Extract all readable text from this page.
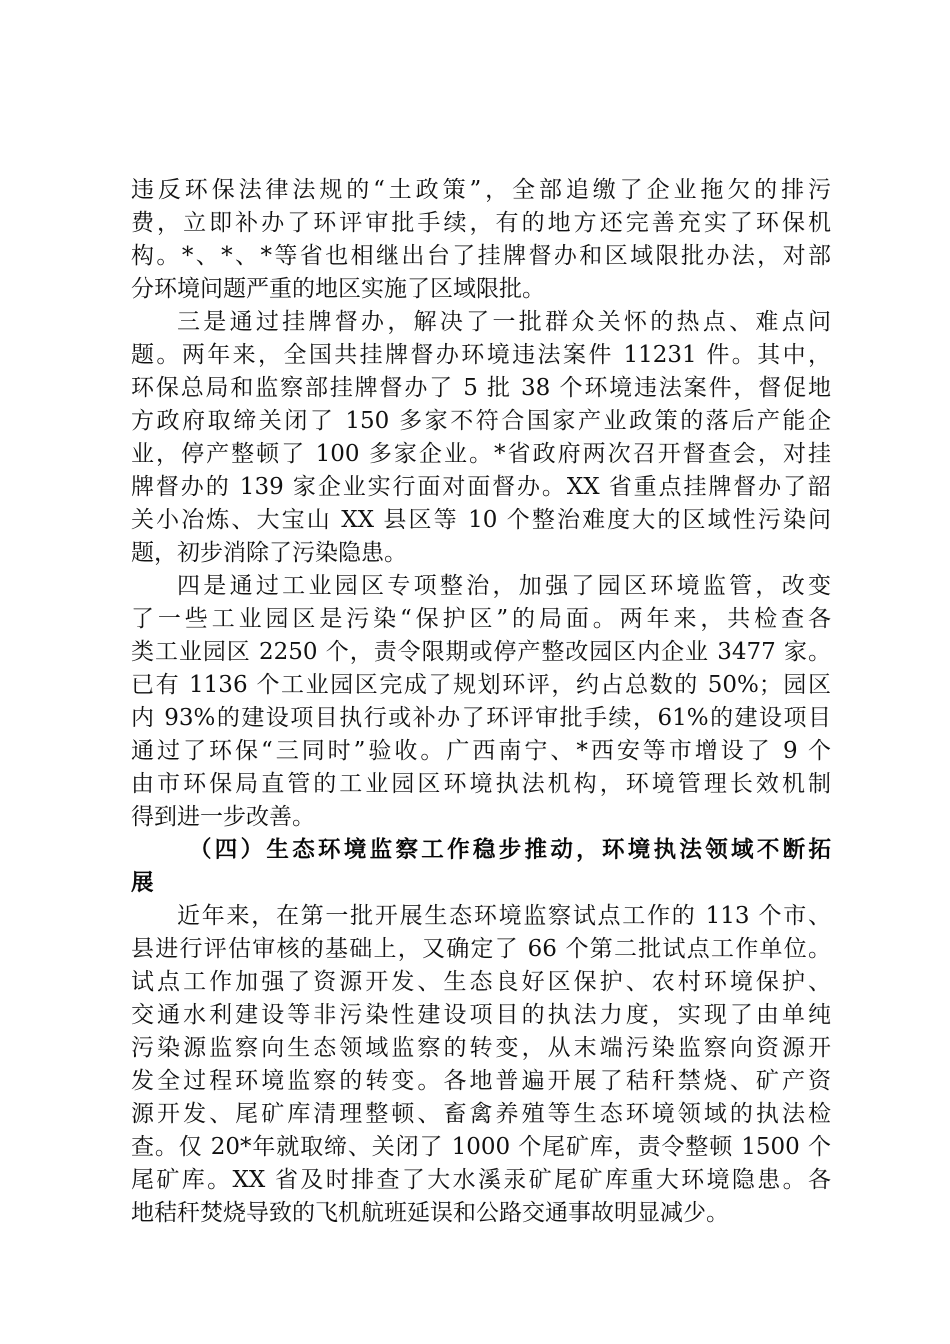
违反环保法律法规的“土政策”，全部追缴了企业拖欠的排污
费，立即补办了环评审批手续，有的地方还完善充实了环保机
构。*、*、*等省也相继出台了挂牌督办和区域限批办法，对部
分环境问题严重的地区实施了区域限批。
三是通过挂牌督办，解决了一批群众关怀的热点、难点问
题。两年来，全国共挂牌督办环境违法案件 11231 件。其中，
环保总局和监察部挂牌督办了 5 批 38 个环境违法案件，督促地
方政府取缔关闭了 150 多家不符合国家产业政策的落后产能企
业，停产整顿了 100 多家企业。*省政府两次召开督查会，对挂
牌督办的 139 家企业实行面对面督办。XX 省重点挂牌督办了韶
关小冶炼、大宝山 XX 县区等 10 个整治难度大的区域性污染问
题，初步消除了污染隐患。
四是通过工业园区专项整治，加强了园区环境监管，改变
了一些工业园区是污染“保护区”的局面。两年来，共检查各
类工业园区 2250 个，责令限期或停产整改园区内企业 3477 家。
已有 1136 个工业园区完成了规划环评，约占总数的 50%；园区
内 93%的建设项目执行或补办了环评审批手续，61%的建设项目
通过了环保“三同时”验收。广西南宁、*西安等市增设了 9 个
由市环保局直管的工业园区环境执法机构，环境管理长效机制
得到进一步改善。
（四）生态环境监察工作稳步推动，环境执法领域不断拓
展
近年来，在第一批开展生态环境监察试点工作的 113 个市、
县进行评估审核的基础上，又确定了 66 个第二批试点工作单位。
试点工作加强了资源开发、生态良好区保护、农村环境保护、
交通水利建设等非污染性建设项目的执法力度，实现了由单纯
污染源监察向生态领域监察的转变，从末端污染监察向资源开
发全过程环境监察的转变。各地普遍开展了秸秆禁烧、矿产资
源开发、尾矿库清理整顿、畜禽养殖等生态环境领域的执法检
查。仅 20*年就取缔、关闭了 1000 个尾矿库，责令整顿 1500 个
尾矿库。XX 省及时排查了大水溪汞矿尾矿库重大环境隐患。各
地秸秆焚烧导致的飞机航班延误和公路交通事故明显减少。
